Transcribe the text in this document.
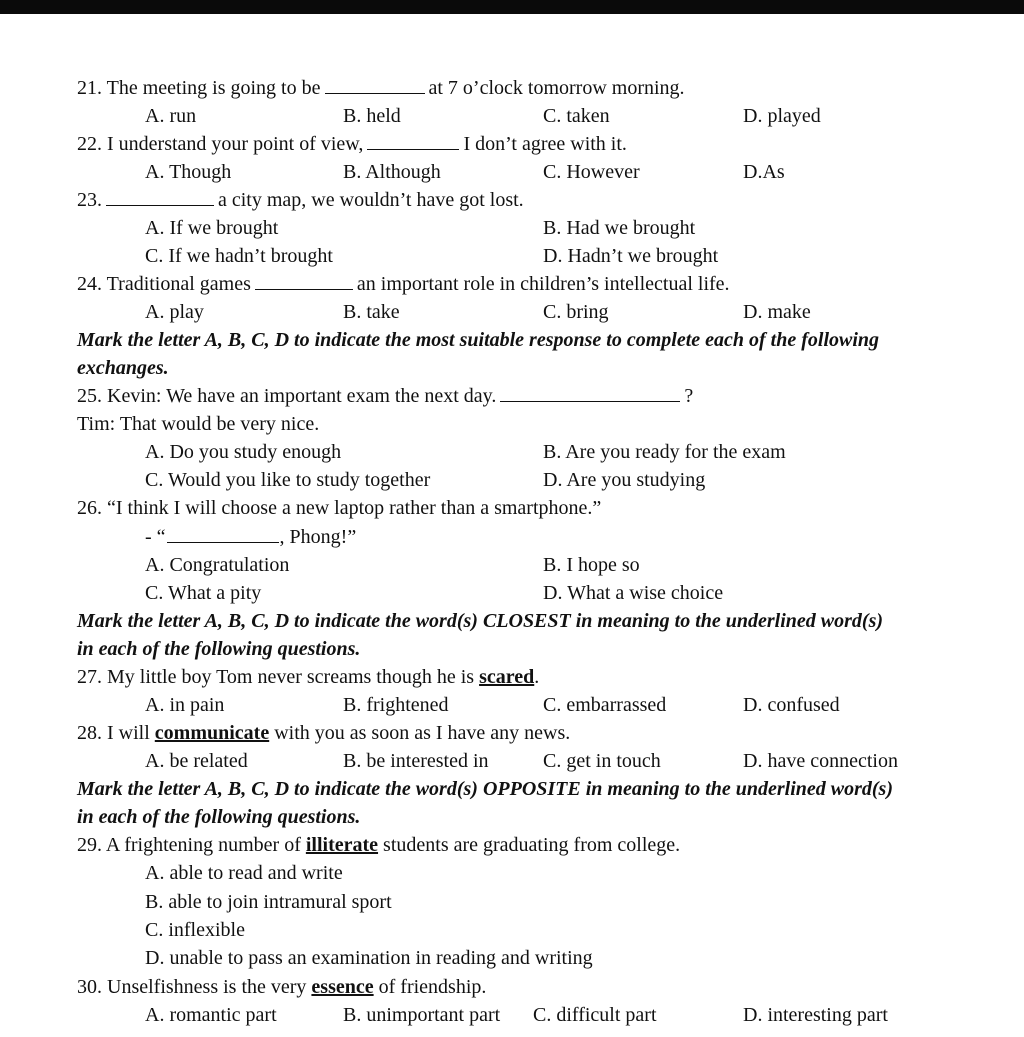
21. The meeting is going to be	at 7 o’clock tomorrow morning.
A. run	B. held	C. taken	D. played
22. I understand your point of view,	I don’t agree with it.
A. Though	B. Although	C. However	D.As
23.	a city map, we wouldn’t have got lost.
A. If we brought	B. Had we brought
C. If we hadn’t brought	D. Hadn’t we brought
24. Traditional games	an important role in children’s intellectual life.
A. play	B. take	C. bring	D. make
Mark the letter A, B, C, D to indicate the most suitable response to complete each of the following
exchanges.
25. Kevin: We have an important exam the next day.	?
Tim: That would be very nice.
A. Do you study enough	B. Are you ready for the exam
C. Would you like to study together	D. Are you studying
26. “I think I will choose a new laptop rather than a smartphone.”
- “	, Phong!”
A. Congratulation	B. I hope so
C. What a pity	D. What a wise choice
Mark the letter A, B, C, D to indicate the word(s) CLOSEST in meaning to the underlined word(s)
in each of the following questions.
27. My little boy Tom never screams though he is scared.
A. in pain	B. frightened	C. embarrassed	D. confused
28. I will communicate with you as soon as I have any news.
A. be related	B. be interested in	C. get in touch	D. have connection
Mark the letter A, B, C, D to indicate the word(s) OPPOSITE in meaning to the underlined word(s)
in each of the following questions.
29. A frightening number of illiterate students are graduating from college.
A. able to read and write
B. able to join intramural sport
C. inflexible
D. unable to pass an examination in reading and writing
30. Unselfishness is the very essence of friendship.
A. romantic part	B. unimportant part C. difficult part	D. interesting part
